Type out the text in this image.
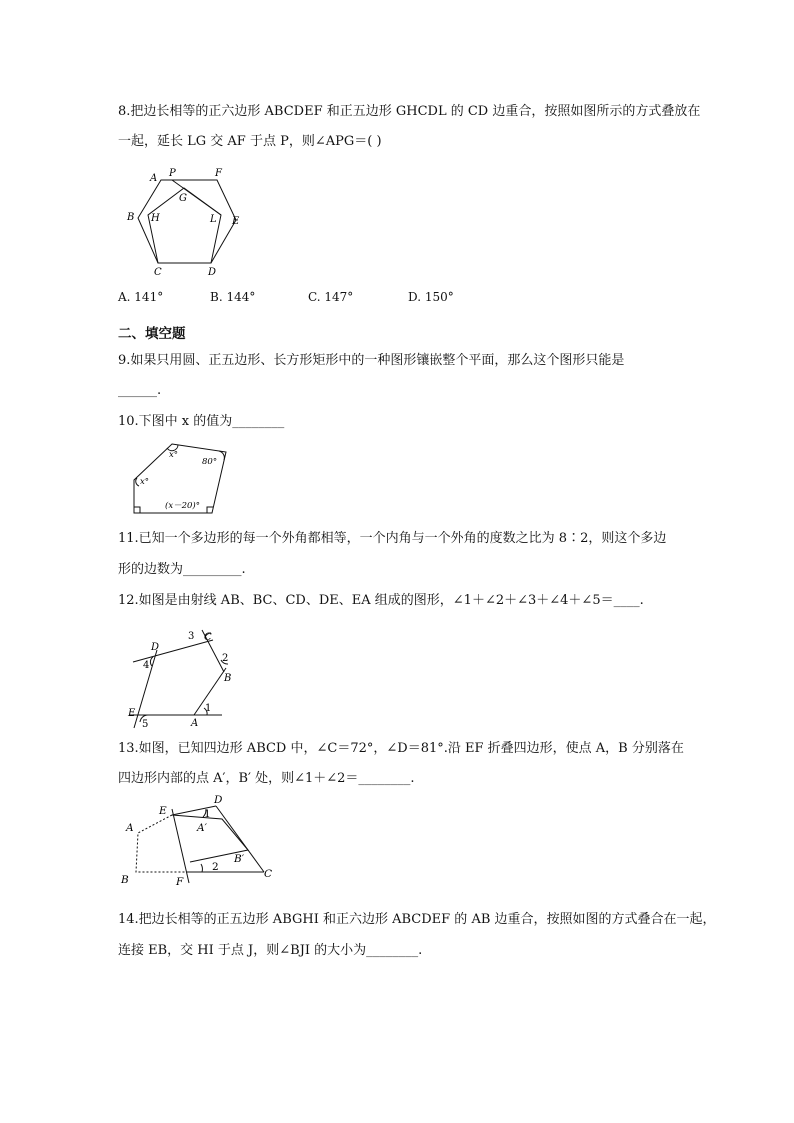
8.把边长相等的正六边形 ABCDEF 和正五边形 GHCDL 的 CD 边重合，按照如图所示的方式叠放在
一起，延长 LG 交 AF 于点 P，则∠APG＝( )
A P	F
G
B H	L E
C	D
A. 141°	B. 144°	C. 147°	D. 150°
二、填空题
9.如果只用圆、正五边形、长方形矩形中的一种图形镶嵌整个平面，那么这个图形只能是
______.
10.下图中 x 的值为________
x°
80°
x°
(x－20)°
11.已知一个多边形的每一个外角都相等，一个内角与一个外角的度数之比为 8∶2，则这个多边
形的边数为_________.
12.如图是由射线 AB、BC、CD、DE、EA 组成的图形，∠1＋∠2＋∠3＋∠4＋∠5＝____.
D
C
B
A
E	1
2
3
4
5
13.如图，已知四边形 ABCD 中，∠C＝72°，∠D＝81°.沿 EF 折叠四边形，使点 A，B 分别落在
四边形内部的点 A′，B′ 处，则∠1＋∠2＝________.
D
E
A	A′
1
B′
B	F
2
C
14.把边长相等的正五边形 ABGHI 和正六边形 ABCDEF 的 AB 边重合，按照如图的方式叠合在一起，
连接 EB，交 HI 于点 J，则∠BJI 的大小为________.
